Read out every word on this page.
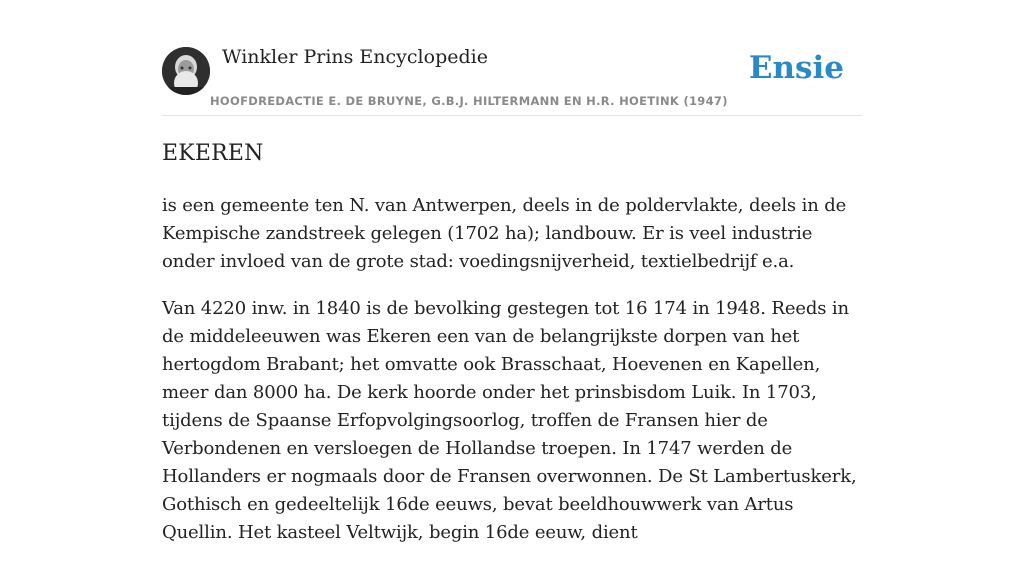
Winkler Prins Encyclopedie
HOOFDREDACTIE E. DE BRUYNE, G.B.J. HILTERMANN EN H.R. HOETINK (1947)
Ensie
EKEREN

is een gemeente ten N. van Antwerpen, deels in de poldervlakte, deels in de Kempische zandstreek gelegen (1702 ha); landbouw. Er is veel industrie onder invloed van de grote stad: voedingsnijverheid, textielbedrijf e.a.

Van 4220 inw. in 1840 is de bevolking gestegen tot 16 174 in 1948. Reeds in de middeleeuwen was Ekeren een van de belangrijkste dorpen van het hertogdom Brabant; het omvatte ook Brasschaat, Hoevenen en Kapellen, meer dan 8000 ha. De kerk hoorde onder het prinsbisdom Luik. In 1703, tijdens de Spaanse Erfopvolgingsoorlog, troffen de Fransen hier de Verbondenen en versloegen de Hollandse troepen. In 1747 werden de Hollanders er nogmaals door de Fransen overwonnen. De St Lambertuskerk, Gothisch en gedeeltelijk 16de eeuws, bevat beeldhouwwerk van Artus Quellin. Het kasteel Veltwijk, begin 16de eeuw, dient
